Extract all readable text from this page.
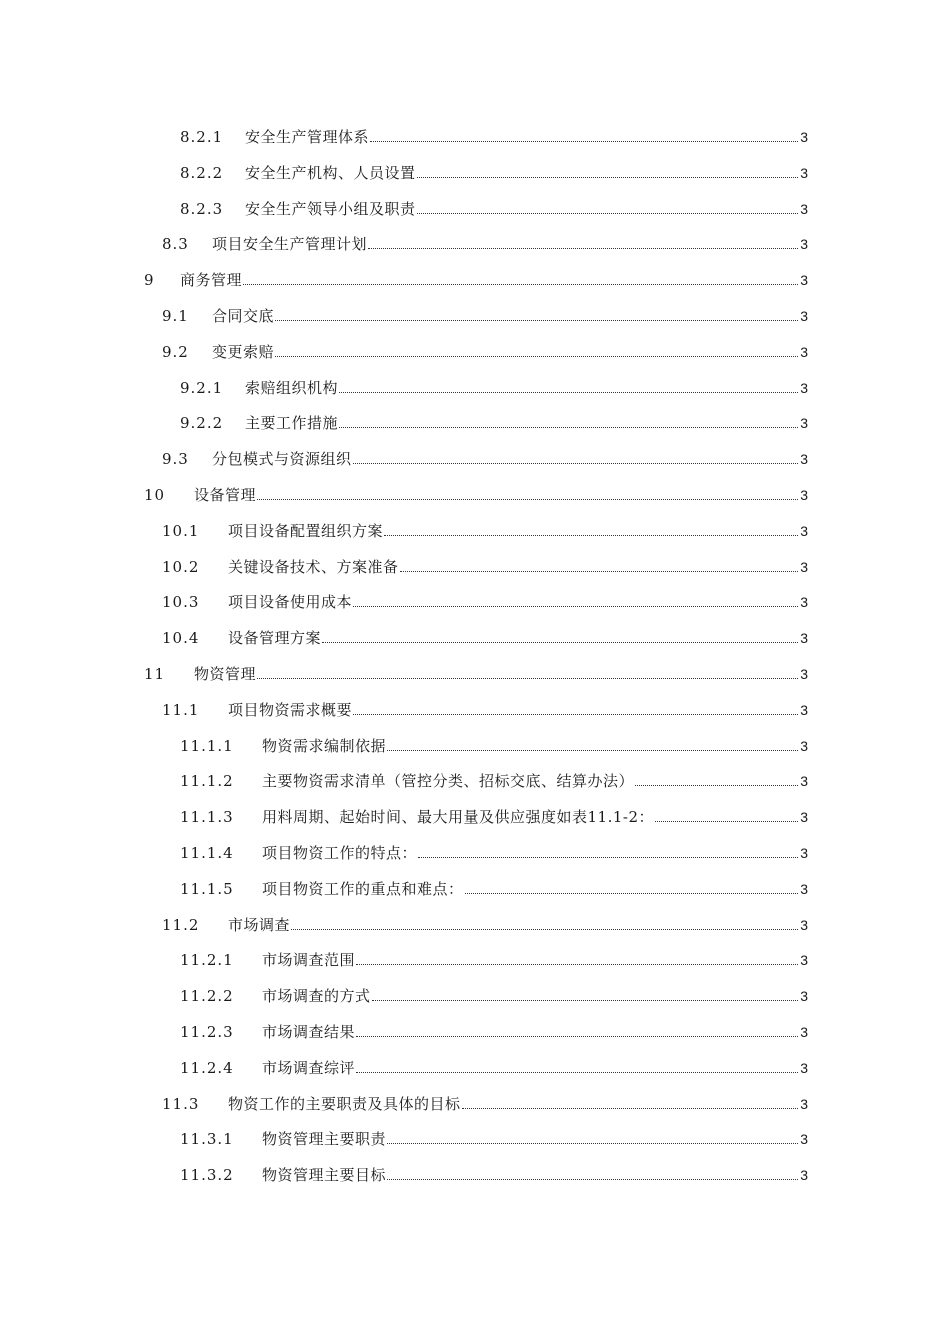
8.2.1	安全生产管理体系	3
8.2.2	安全生产机构、人员设置	3
8.2.3	安全生产领导小组及职责	3
8.3	项目安全生产管理计划	3
9	商务管理	3
9.1	合同交底	3
9.2	变更索赔	3
9.2.1	索赔组织机构	3
9.2.2	主要工作措施	3
9.3	分包模式与资源组织	3
10	设备管理	3
10.1	项目设备配置组织方案	3
10.2	关键设备技术、方案准备	3
10.3	项目设备使用成本	3
10.4	设备管理方案	3
11	物资管理	3
11.1	项目物资需求概要	3
11.1.1	物资需求编制依据	3
11.1.2	主要物资需求清单（管控分类、招标交底、结算办法）	3
11.1.3	用料周期、起始时间、最大用量及供应强度如表11.1-2：	3
11.1.4	项目物资工作的特点：	3
11.1.5	项目物资工作的重点和难点：	3
11.2	市场调查	3
11.2.1	市场调查范围	3
11.2.2	市场调查的方式	3
11.2.3	市场调查结果	3
11.2.4	市场调查综评	3
11.3	物资工作的主要职责及具体的目标	3
11.3.1	物资管理主要职责	3
11.3.2	物资管理主要目标	3
